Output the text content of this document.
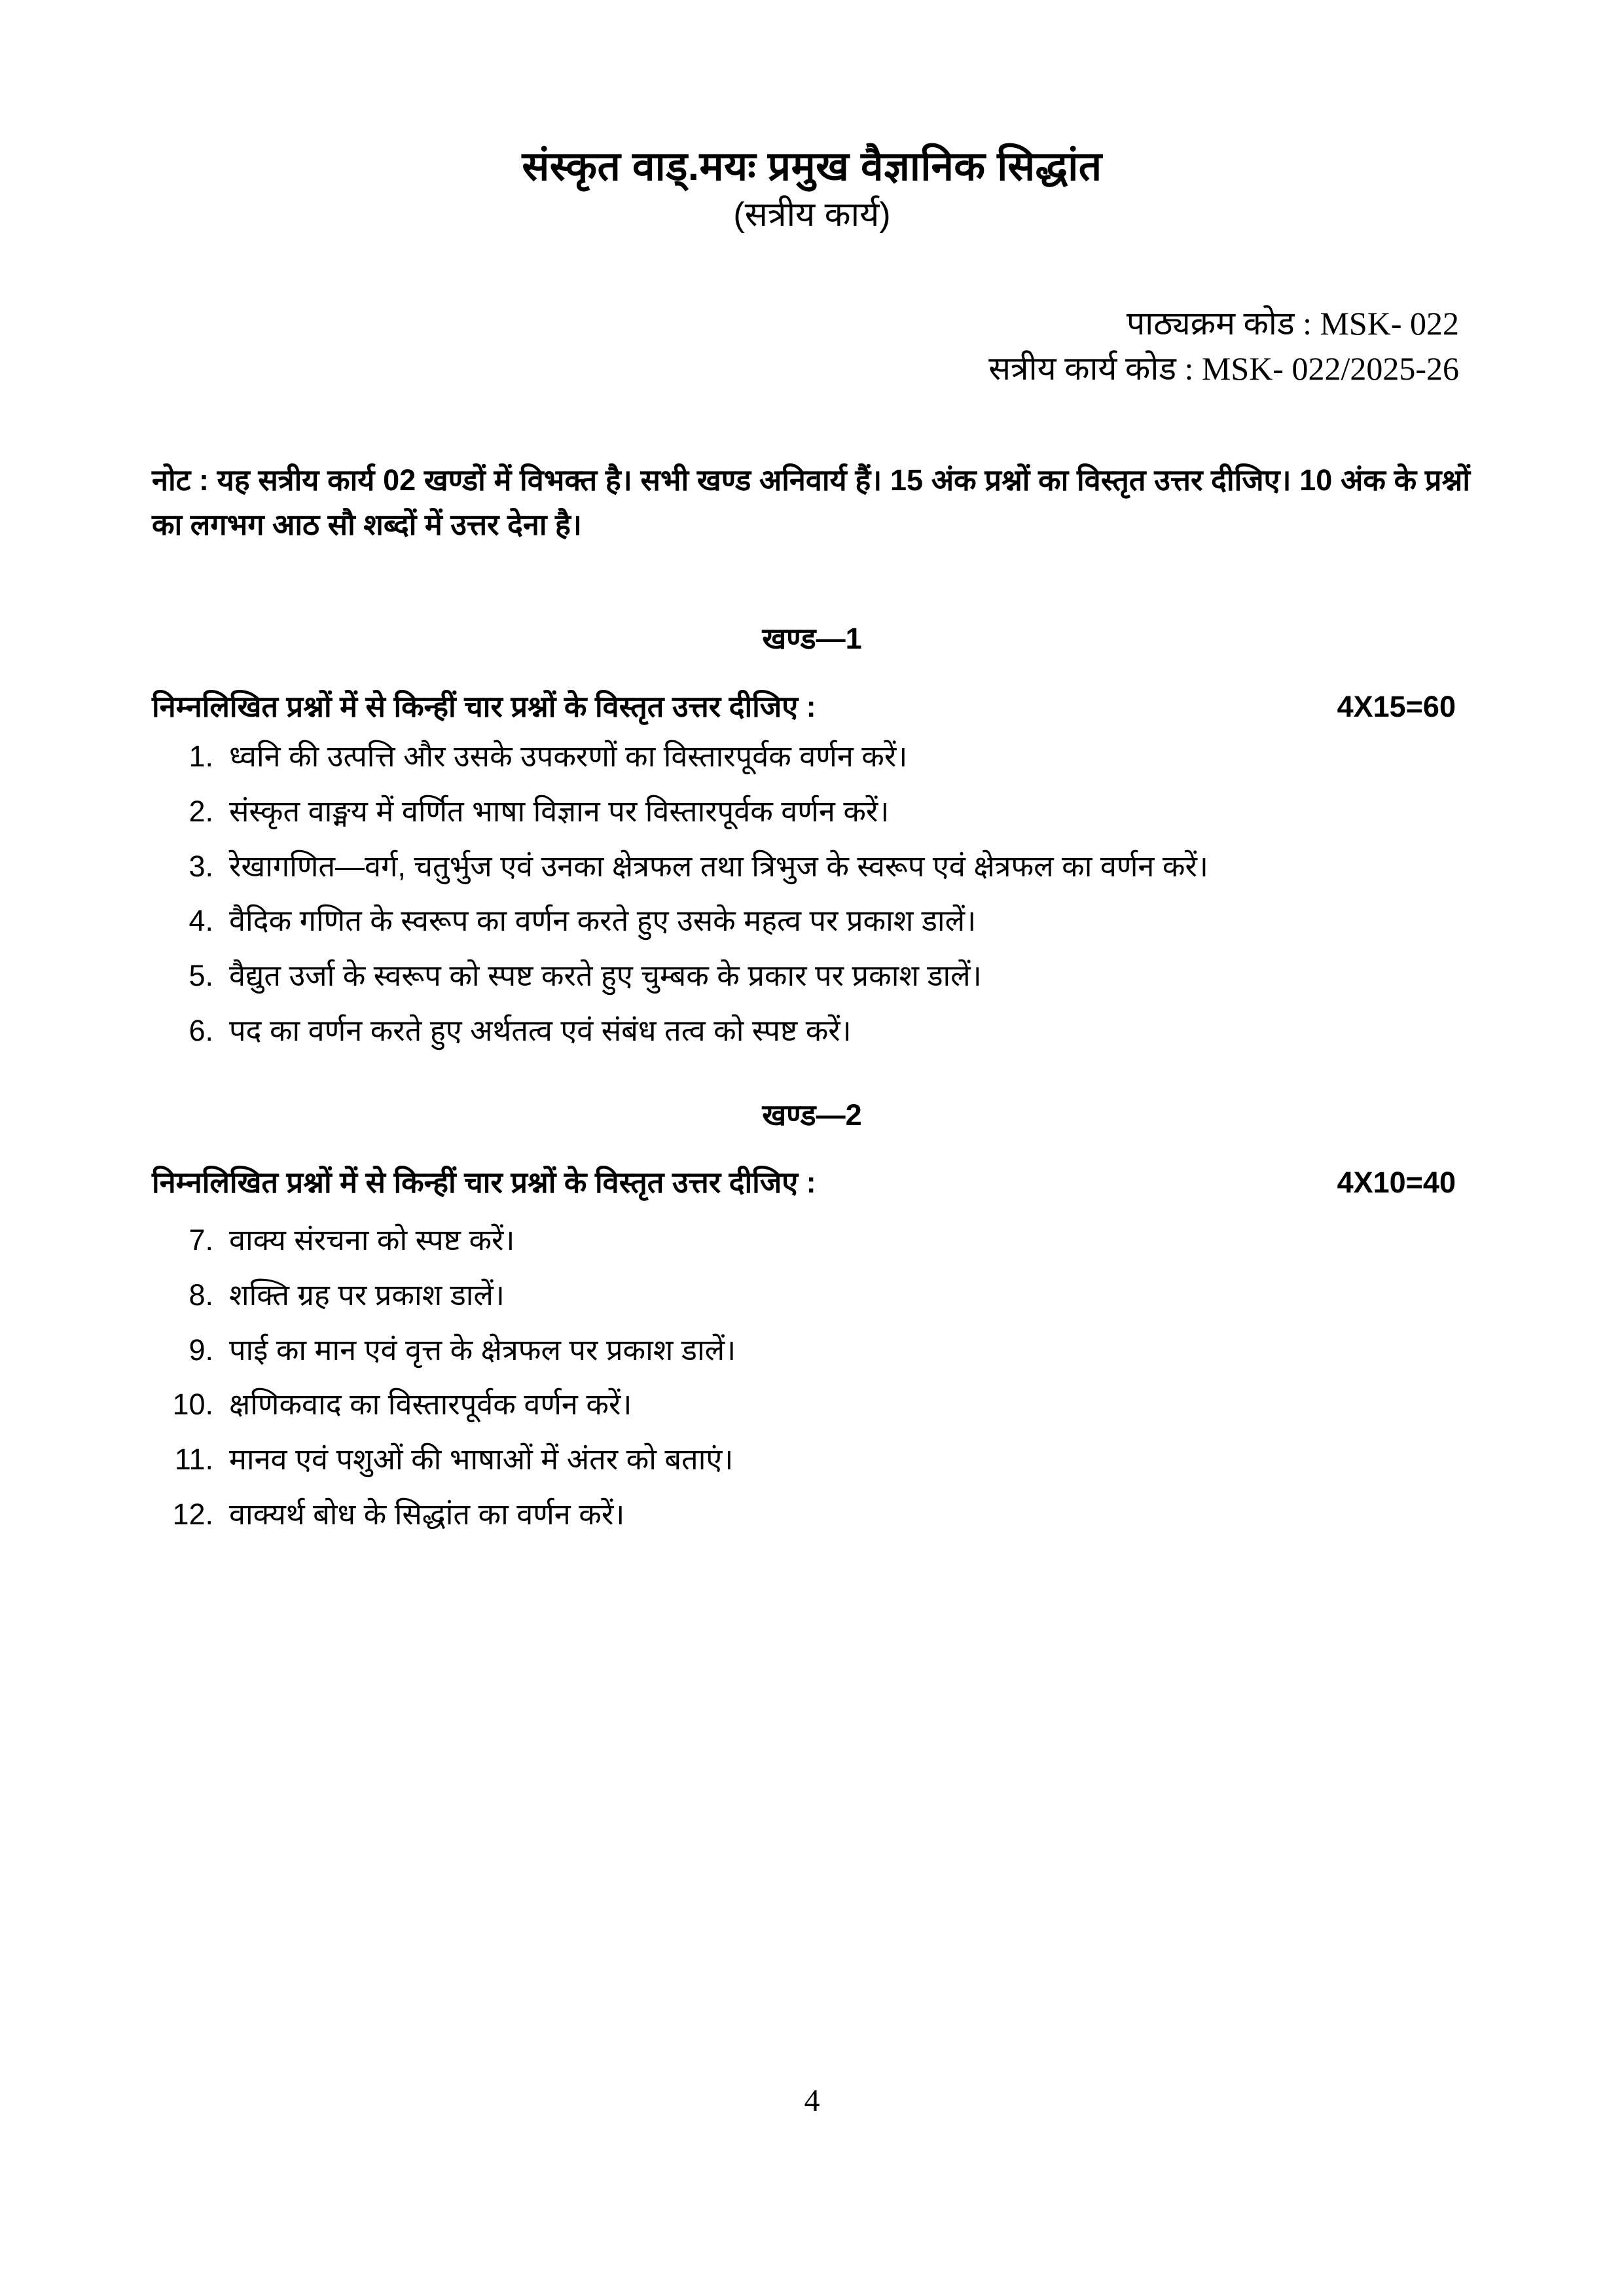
संस्कृत वाड्.मयः प्रमुख वैज्ञानिक सिद्धांत
(सत्रीय कार्य)
पाठ्यक्रम कोड : MSK- 022
सत्रीय कार्य कोड : MSK- 022/2025-26
नोट : यह सत्रीय कार्य 02 खण्डों में विभक्त है। सभी खण्ड अनिवार्य हैं। 15 अंक प्रश्नों का विस्तृत उत्तर दीजिए। 10 अंक के प्रश्नों का लगभग आठ सौ शब्दों में उत्तर देना है।
खण्ड—1
निम्नलिखित प्रश्नों में से किन्हीं चार प्रश्नों के विस्तृत उत्तर दीजिए :	4X15=60
1. ध्वनि की उत्पत्ति और उसके उपकरणों का विस्तारपूर्वक वर्णन करें।
2. संस्कृत वाङ्मय में वर्णित भाषा विज्ञान पर विस्तारपूर्वक वर्णन करें।
3. रेखागणित—वर्ग, चतुर्भुज एवं उनका क्षेत्रफल तथा त्रिभुज के स्वरूप एवं क्षेत्रफल का वर्णन करें।
4. वैदिक गणित के स्वरूप का वर्णन करते हुए उसके महत्व पर प्रकाश डालें।
5. वैद्युत उर्जा के स्वरूप को स्पष्ट करते हुए चुम्बक के प्रकार पर प्रकाश डालें।
6. पद का वर्णन करते हुए अर्थतत्व एवं संबंध तत्व को स्पष्ट करें।
खण्ड—2
निम्नलिखित प्रश्नों में से किन्हीं चार प्रश्नों के विस्तृत उत्तर दीजिए :	4X10=40
7. वाक्य संरचना को स्पष्ट करें।
8. शक्ति ग्रह पर प्रकाश डालें।
9. पाई का मान एवं वृत्त के क्षेत्रफल पर प्रकाश डालें।
10. क्षणिकवाद का विस्तारपूर्वक वर्णन करें।
11. मानव एवं पशुओं की भाषाओं में अंतर को बताएं।
12. वाक्यर्थ बोध के सिद्धांत का वर्णन करें।
4
